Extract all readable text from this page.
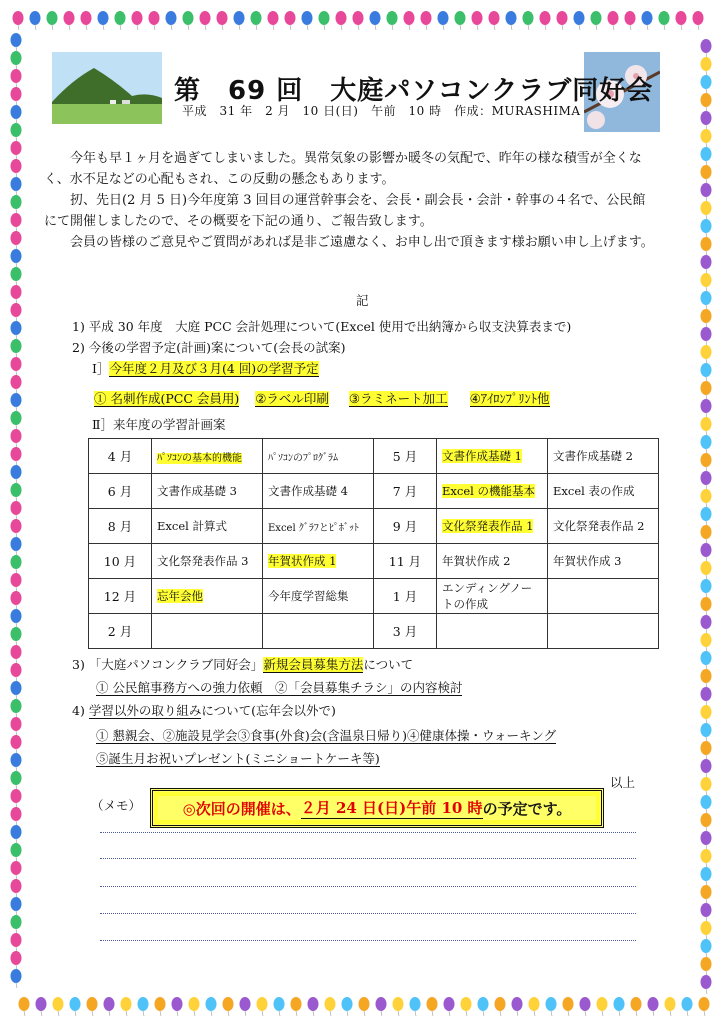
第　69 回　大庭パソコンクラブ同好会
平成　31 年　2 月　10 日(日)　午前　10 時　作成：MURASHIMA
今年も早１ヶ月を過ぎてしまいました。異常気象の影響か暖冬の気配で、昨年の様な積雪が全くなく、水不足などの心配もされ、この反動の懸念もあります。
扨、先日(2 月 5 日)今年度第 3 回目の運営幹事会を、会長・副会長・会計・幹事の４名で、公民館にて開催しましたので、その概要を下記の通り、ご報告致します。
会員の皆様のご意見やご質問があれば是非ご遠慮なく、お申し出で頂きます様お願い申し上げます。
記
1) 平成 30 年度　大庭 PCC 会計処理について(Excel 使用で出納簿から収支決算表まで)
2) 今後の学習予定(計画)案について(会長の試案)
Ⅰ］今年度２月及び３月(4 回)の学習予定
① 名刺作成(PCC 会員用) ②ラベル印刷 ③ラミネート加工 ④ｱｲﾛﾝﾌﾟﾘﾝﾄ他
Ⅱ］来年度の学習計画案
4 月	ﾊﾟｿｺﾝの基本的機能	ﾊﾟｿｺﾝのﾌﾟﾛｸﾞﾗﾑ	5 月	文書作成基礎 1	文書作成基礎 2
6 月	文書作成基礎 3	文書作成基礎 4	7 月	Excel の機能基本	Excel 表の作成
8 月	Excel 計算式	Excel ｸﾞﾗﾌとﾋﾟﾎﾞｯﾄ	9 月	文化祭発表作品 1	文化祭発表作品 2
10 月	文化祭発表作品 3	年賀状作成 1	11 月	年賀状作成 2	年賀状作成 3
12 月	忘年会他	今年度学習総集	1 月	エンディングノートの作成	
2 月			3 月		
3) 「大庭パソコンクラブ同好会」新規会員募集方法について
① 公民館事務方への強力依頼　②「会員募集チラシ」の内容検討
4) 学習以外の取り組みについて(忘年会以外で)
① 懇親会、②施設見学会③食事(外食)会(含温泉日帰り)④健康体操・ウォーキング
⑤誕生月お祝いプレゼント(ミニショートケーキ等)
以上
（メモ）	◎次回の開催は、 ２月 24 日(日)午前 10 時 の予定です。
